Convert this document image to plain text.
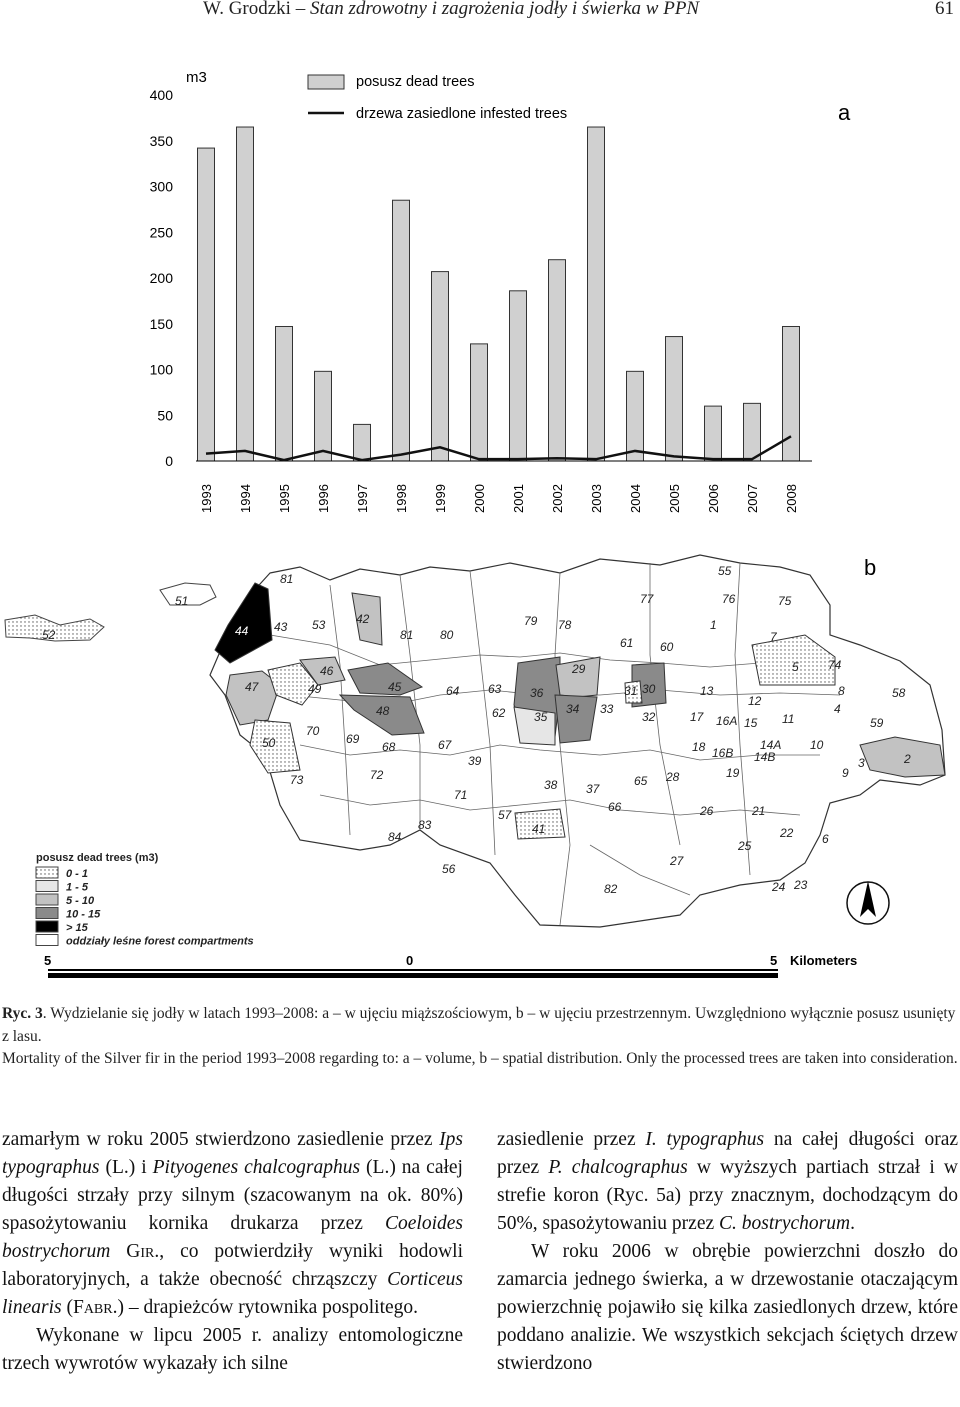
W. Grodzki – Stan zdrowotny i zagrożenia jodły i świerka w PPN	61
0
50
100
150
200
250
300
350
400
1993 1994 1995 1996 1997 1998 1999 2000 2001 2002 2003 2004 2005 2006 2007 2008
m3	posusz dead trees
drzewa zasiedlone infested trees	a
b
81
51
44 43 53	42
81 80
79 78
77
55
76	75
52
1
7
61 60
46
47	49	45	64 63 36
29
31 30	13
12
5 74
58
48	62 35
34 33
32	17 16A 15 11
4
59
50
70
69
68	67
39
18 16B
14A
14B
10
73	72
71
38 37
65 28	19
3	2
9
57
41
66	26	21
84
83
56
25
22
27
82	24 23
8
6
posusz dead trees (m3)
0 - 1
1 - 5
5 - 10
10 - 15
> 15
oddziały leśne forest compartments
5	0	5 Kilometers

Ryc. 3. Wydzielanie się jodły w latach 1993–2008: a – w ujęciu miąższościowym, b – w ujęciu przestrzennym. Uwzględniono wyłącznie posusz usunięty z lasu.

Mortality of the Silver fir in the period 1993–2008 regarding to: a – volume, b – spatial distribution. Only the processed trees are taken into consideration.

zamarłym w roku 2005 stwierdzono zasiedlenie przez Ips typographus (L.) i Pityogenes chalcographus (L.) na całej długości strzały przy silnym (szacowanym na ok. 80%) spasożytowaniu kornika drukarza przez Coeloides bostrychorum Gir., co potwierdziły wyniki hodowli laboratoryjnych, a także obecność chrząszczy Corticeus linearis (Fabr.) – drapieżców rytownika pospolitego.

Wykonane w lipcu 2005 r. analizy entomologiczne trzech wywrotów wykazały ich silne

zasiedlenie przez I. typographus na całej długości oraz przez P. chalcographus w wyższych partiach strzał i w strefie koron (Ryc. 5a) przy znacznym, dochodzącym do 50%, spasożytowaniu przez C. bostrychorum.

W roku 2006 w obrębie powierzchni doszło do zamarcia jednego świerka, a w drzewostanie otaczającym powierzchnię pojawiło się kilka zasiedlonych drzew, które poddano analizie. We wszystkich sekcjach ściętych drzew stwierdzono
